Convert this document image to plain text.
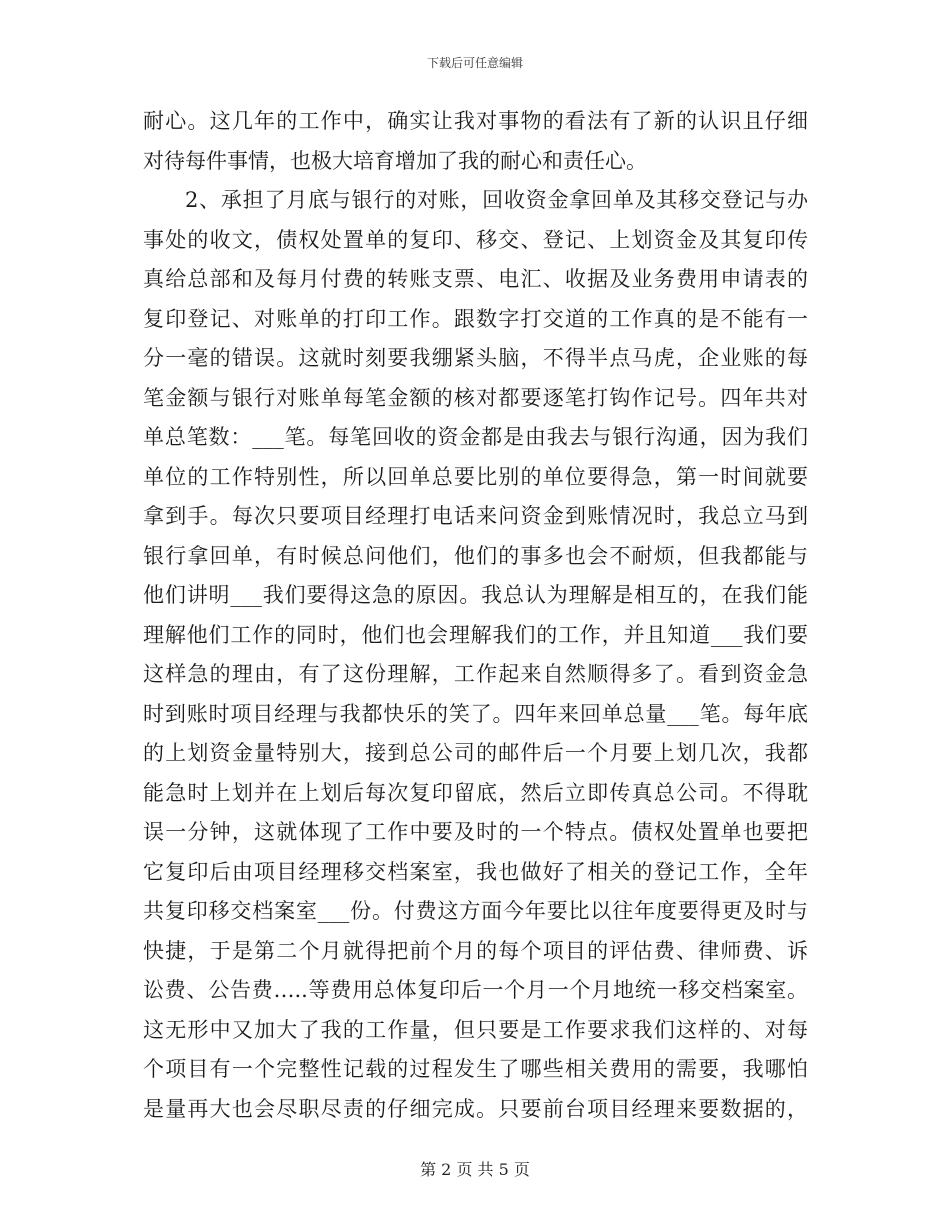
下载后可任意编辑
耐心。这几年的工作中，确实让我对事物的看法有了新的认识且仔细
对待每件事情，也极大培育增加了我的耐心和责任心。
2、承担了月底与银行的对账，回收资金拿回单及其移交登记与办
事处的收文，债权处置单的复印、移交、登记、上划资金及其复印传
真给总部和及每月付费的转账支票、电汇、收据及业务费用申请表的
复印登记、对账单的打印工作。跟数字打交道的工作真的是不能有一
分一毫的错误。这就时刻要我绷紧头脑，不得半点马虎，企业账的每
笔金额与银行对账单每笔金额的核对都要逐笔打钩作记号。四年共对
单总笔数：___笔。每笔回收的资金都是由我去与银行沟通，因为我们
单位的工作特别性，所以回单总要比别的单位要得急，第一时间就要
拿到手。每次只要项目经理打电话来问资金到账情况时，我总立马到
银行拿回单，有时候总问他们，他们的事多也会不耐烦，但我都能与
他们讲明___我们要得这急的原因。我总认为理解是相互的，在我们能
理解他们工作的同时，他们也会理解我们的工作，并且知道___我们要
这样急的理由，有了这份理解，工作起来自然顺得多了。看到资金急
时到账时项目经理与我都快乐的笑了。四年来回单总量___笔。每年底
的上划资金量特别大，接到总公司的邮件后一个月要上划几次，我都
能急时上划并在上划后每次复印留底，然后立即传真总公司。不得耽
误一分钟，这就体现了工作中要及时的一个特点。债权处置单也要把
它复印后由项目经理移交档案室，我也做好了相关的登记工作，全年
共复印移交档案室___份。付费这方面今年要比以往年度要得更及时与
快捷，于是第二个月就得把前个月的每个项目的评估费、律师费、诉
讼费、公告费…..等费用总体复印后一个月一个月地统一移交档案室。
这无形中又加大了我的工作量，但只要是工作要求我们这样的、对每
个项目有一个完整性记载的过程发生了哪些相关费用的需要，我哪怕
是量再大也会尽职尽责的仔细完成。只要前台项目经理来要数据的，
第 2 页 共 5 页
